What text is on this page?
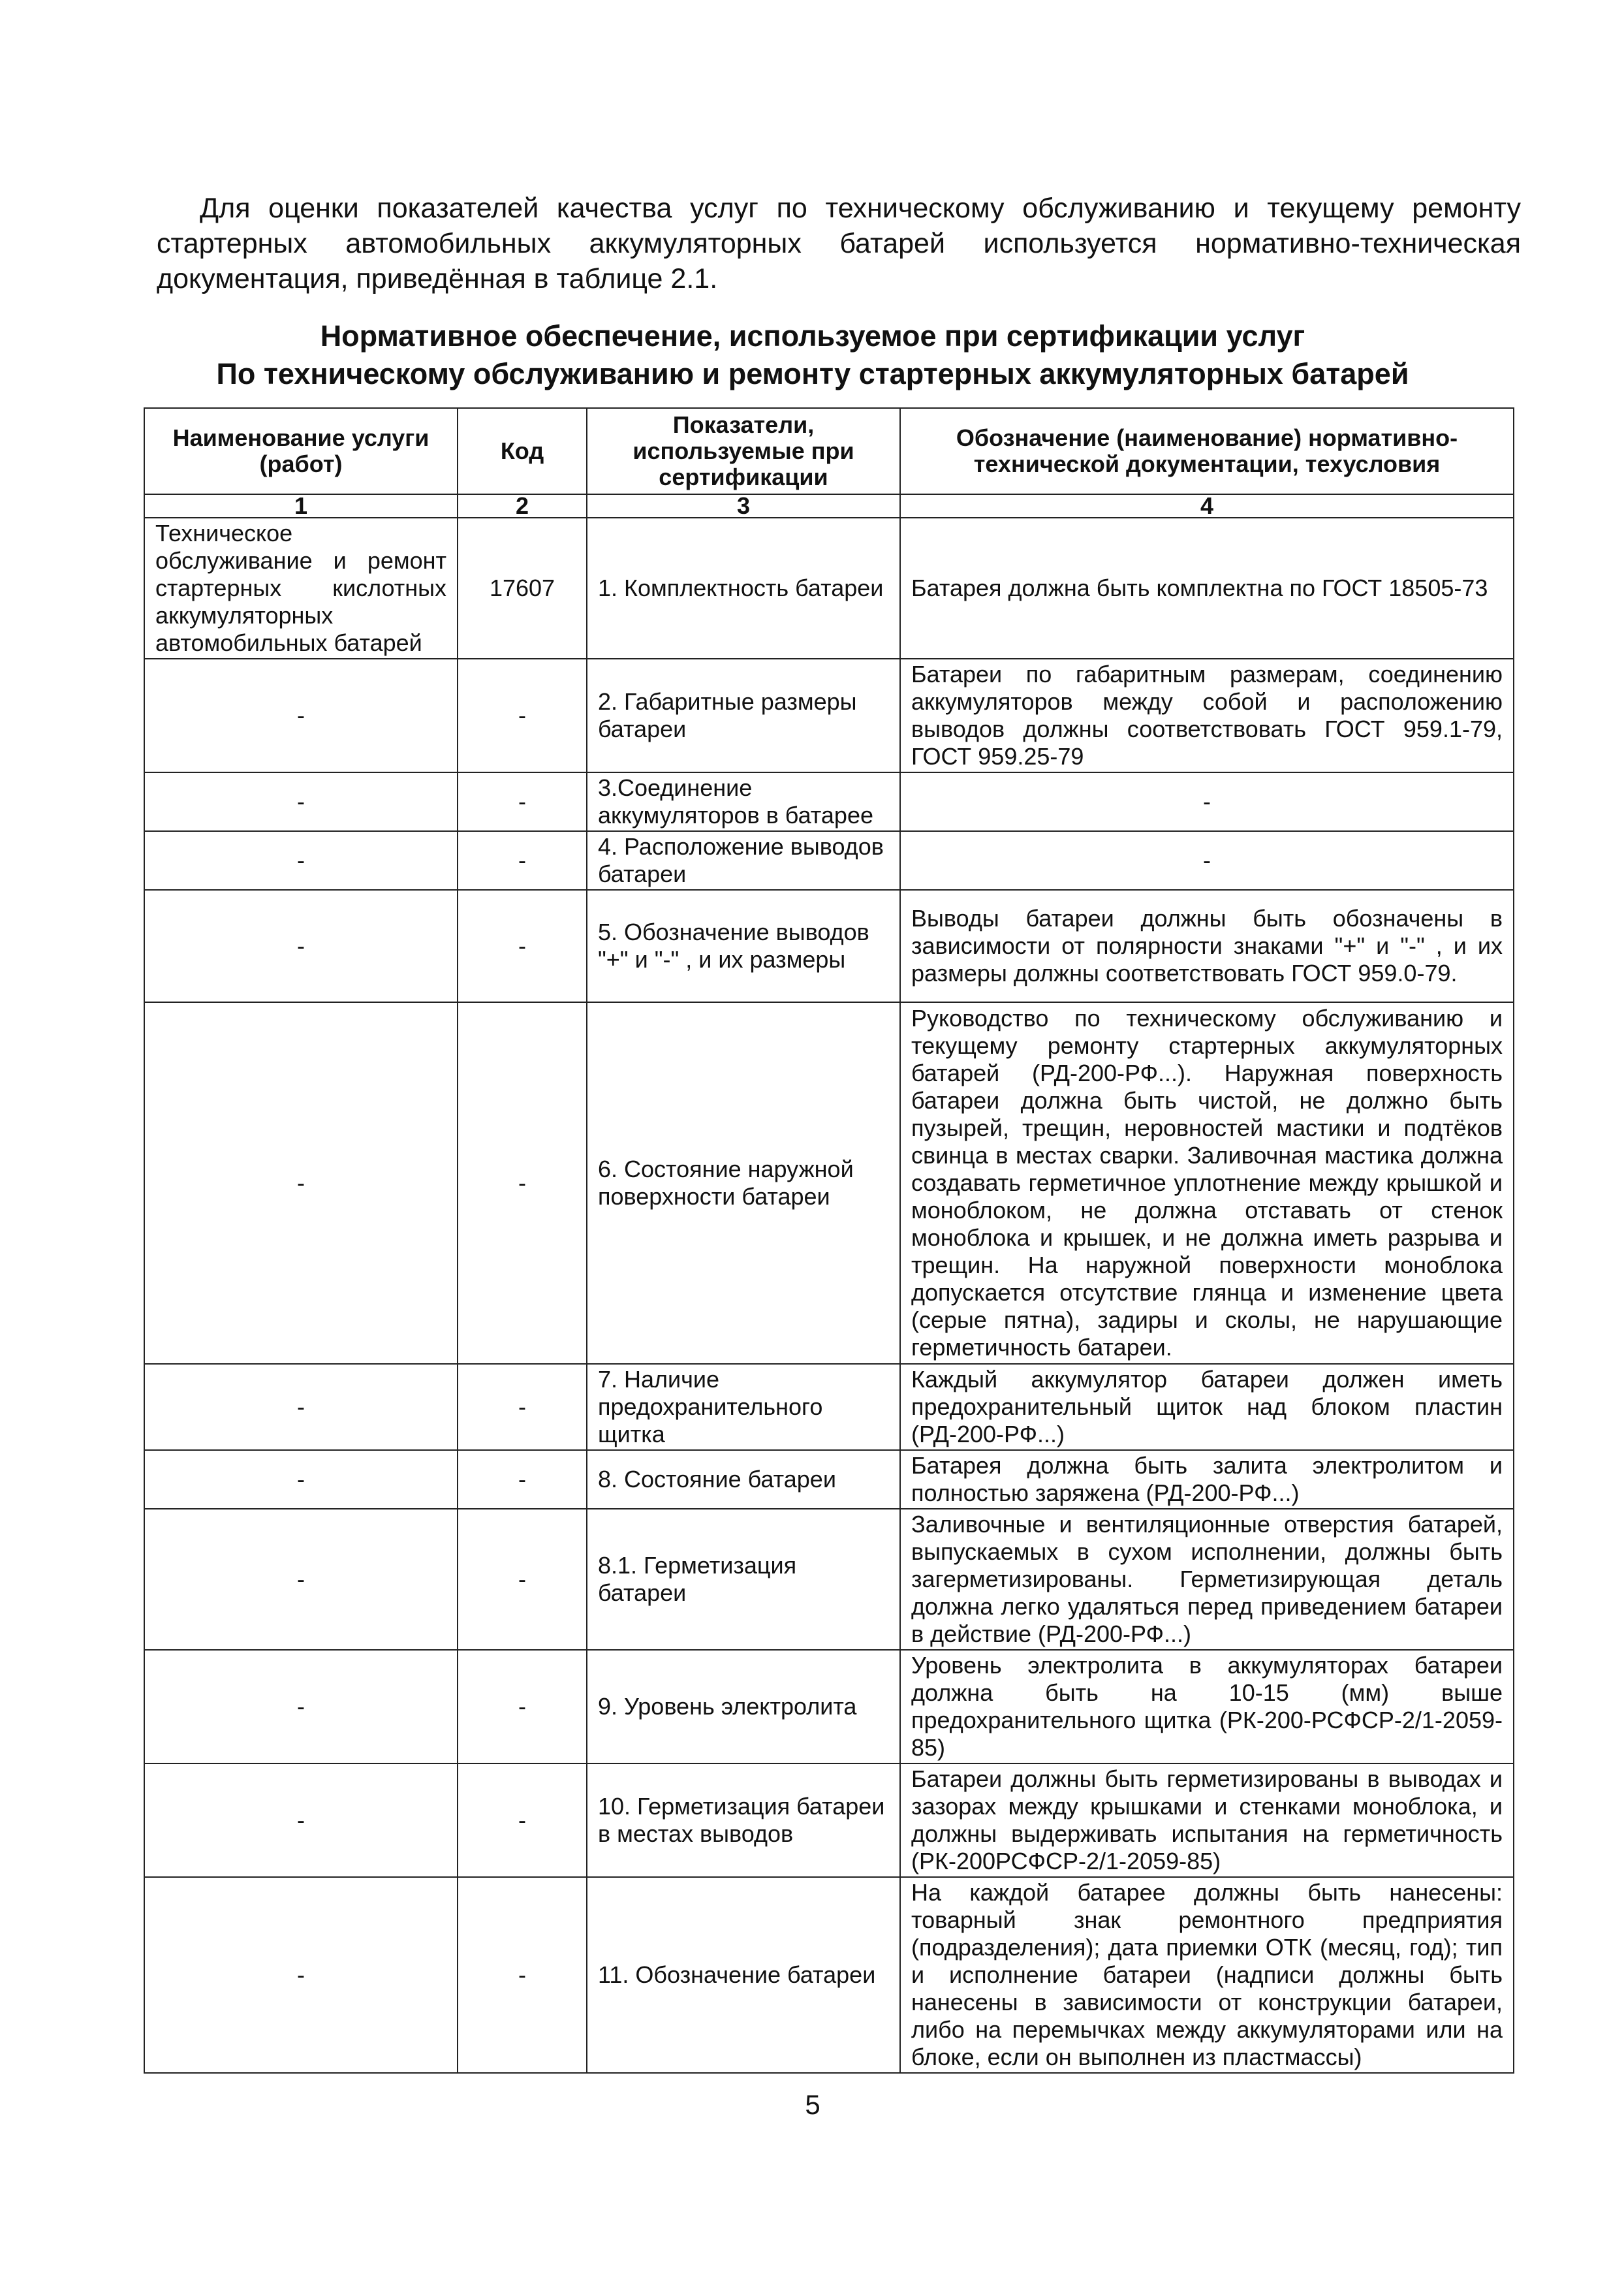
Для оценки показателей качества услуг по техническому обслуживанию и текущему ремонту стартерных автомобильных аккумуляторных батарей используется нормативно-техническая документация, приведённая в таблице 2.1.

Нормативное обеспечение, используемое при сертификации услуг
По техническому обслуживанию и ремонту стартерных аккумуляторных батарей
Наименование услуги (работ)	Код	Показатели, используемые при сертификации	Обозначение (наименование) нормативно-технической документации, техусловия
1	2	3	4
Техническое обслуживание и ремонт стартерных кислотных аккумуляторных автомобильных батарей	17607	1. Комплектность батареи	Батарея должна быть комплектна по ГОСТ 18505-73
-	-	2. Габаритные размеры батареи	Батареи по габаритным размерам, соединению аккумуляторов между собой и расположению выводов должны соответствовать ГОСТ 959.1-79, ГОСТ 959.25-79
-	-	3.Соединение аккумуляторов в батарее	-
-	-	4. Расположение выводов батареи	-
-	-	5. Обозначение выводов "+" и "-" , и их размеры	Выводы батареи должны быть обозначены в зависимости от полярности знаками "+" и "-" , и их размеры должны соответствовать ГОСТ 959.0-79.
-	-	6. Состояние наружной поверхности батареи	Руководство по техническому обслуживанию и текущему ремонту стартерных аккумуляторных батарей (РД-200-РФ...). Наружная поверхность батареи должна быть чистой, не должно быть пузырей, трещин, неровностей мастики и подтёков свинца в местах сварки. Заливочная мастика должна создавать герметичное уплотнение между крышкой и моноблоком, не должна отставать от стенок моноблока и крышек, и не должна иметь разрыва и трещин. На наружной поверхности моноблока допускается отсутствие глянца и изменение цвета (серые пятна), задиры и сколы, не нарушающие герметичность батареи.
-	-	7. Наличие предохранительного щитка	Каждый аккумулятор батареи должен иметь предохранительный щиток над блоком пластин (РД-200-РФ...)
-	-	8. Состояние батареи	Батарея должна быть залита электролитом и полностью заряжена (РД-200-РФ...)
-	-	8.1. Герметизация батареи	Заливочные и вентиляционные отверстия батарей, выпускаемых в сухом исполнении, должны быть загерметизированы. Герметизирующая деталь должна легко удаляться перед приведением батареи в действие (РД-200-РФ...)
-	-	9. Уровень электролита	Уровень электролита в аккумуляторах батареи должна быть на 10-15 (мм) выше предохранительного щитка (РК-200-РСФСР-2/1-2059-85)
-	-	10. Герметизация батареи в местах выводов	Батареи должны быть герметизированы в выводах и зазорах между крышками и стенками моноблока, и должны выдерживать испытания на герметичность (РК-200РСФСР-2/1-2059-85)
-	-	11. Обозначение батареи	На каждой батарее должны быть нанесены: товарный знак ремонтного предприятия (подразделения); дата приемки ОТК (месяц, год); тип и исполнение батареи (надписи должны быть нанесены в зависимости от конструкции батареи, либо на перемычках между аккумуляторами или на блоке, если он выполнен из пластмассы)
5
